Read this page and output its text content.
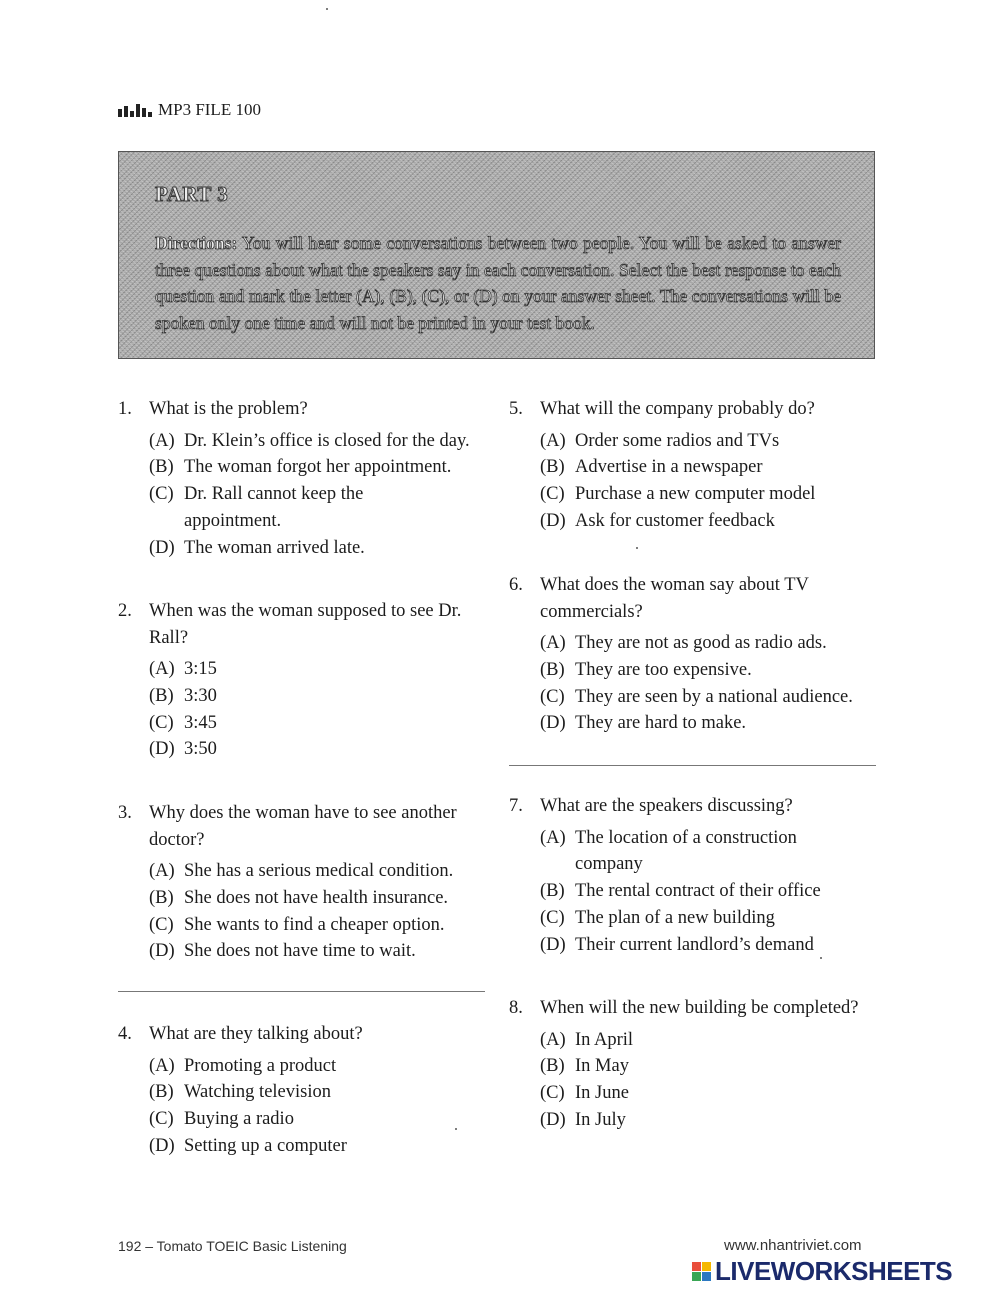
MP3 FILE 100
PART 3
Directions: You will hear some conversations between two people. You will be asked to answer three questions about what the speakers say in each conversation. Select the best response to each question and mark the letter (A), (B), (C), or (D) on your answer sheet. The conversations will be spoken only one time and will not be printed in your test book.
1. What is the problem?
(A) Dr. Klein’s office is closed for the day.
(B) The woman forgot her appointment.
(C) Dr. Rall cannot keep the
appointment.
(D) The woman arrived late.
2. When was the woman supposed to see Dr.
Rall?
(A) 3:15
(B) 3:30
(C) 3:45
(D) 3:50
3. Why does the woman have to see another
doctor?
(A) She has a serious medical condition.
(B) She does not have health insurance.
(C) She wants to find a cheaper option.
(D) She does not have time to wait.
4. What are they talking about?
(A) Promoting a product
(B) Watching television
(C) Buying a radio
(D) Setting up a computer
5. What will the company probably do?
(A) Order some radios and TVs
(B) Advertise in a newspaper
(C) Purchase a new computer model
(D) Ask for customer feedback
6. What does the woman say about TV
commercials?
(A) They are not as good as radio ads.
(B) They are too expensive.
(C) They are seen by a national audience.
(D) They are hard to make.
7. What are the speakers discussing?
(A) The location of a construction
company
(B) The rental contract of their office
(C) The plan of a new building
(D) Their current landlord’s demand
8. When will the new building be completed?
(A) In April
(B) In May
(C) In June
(D) In July
192 – Tomato TOEIC Basic Listening	www.nhantriviet.com
LIVEWORKSHEETS
